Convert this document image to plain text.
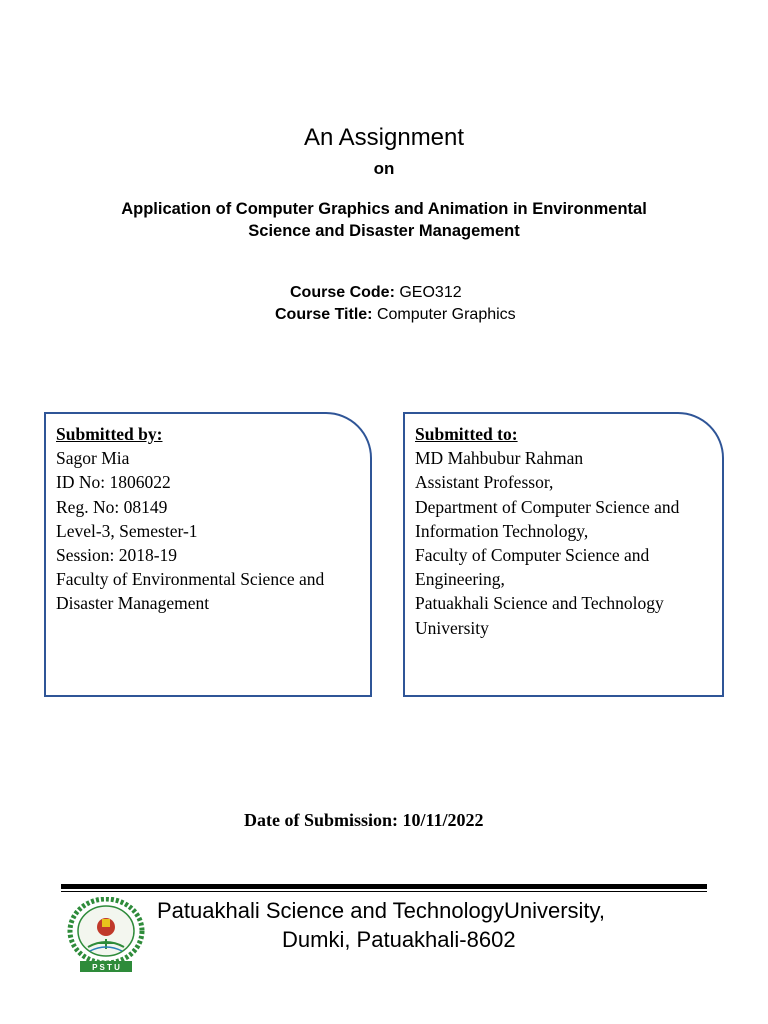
An Assignment
on
Application of Computer Graphics and Animation in Environmental
Science and Disaster Management
Course Code: GEO312
Course Title: Computer Graphics
Submitted by:
Sagor Mia
ID No: 1806022
Reg. No: 08149
Level-3, Semester-1
Session: 2018-19
Faculty of Environmental Science and
Disaster Management
Submitted to:
MD Mahbubur Rahman
Assistant Professor,
Department of Computer Science and
Information Technology,
Faculty of Computer Science and
Engineering,
Patuakhali Science and Technology
University
Date of Submission: 10/11/2022
P S T U
Patuakhali Science and TechnologyUniversity,
Dumki, Patuakhali-8602
